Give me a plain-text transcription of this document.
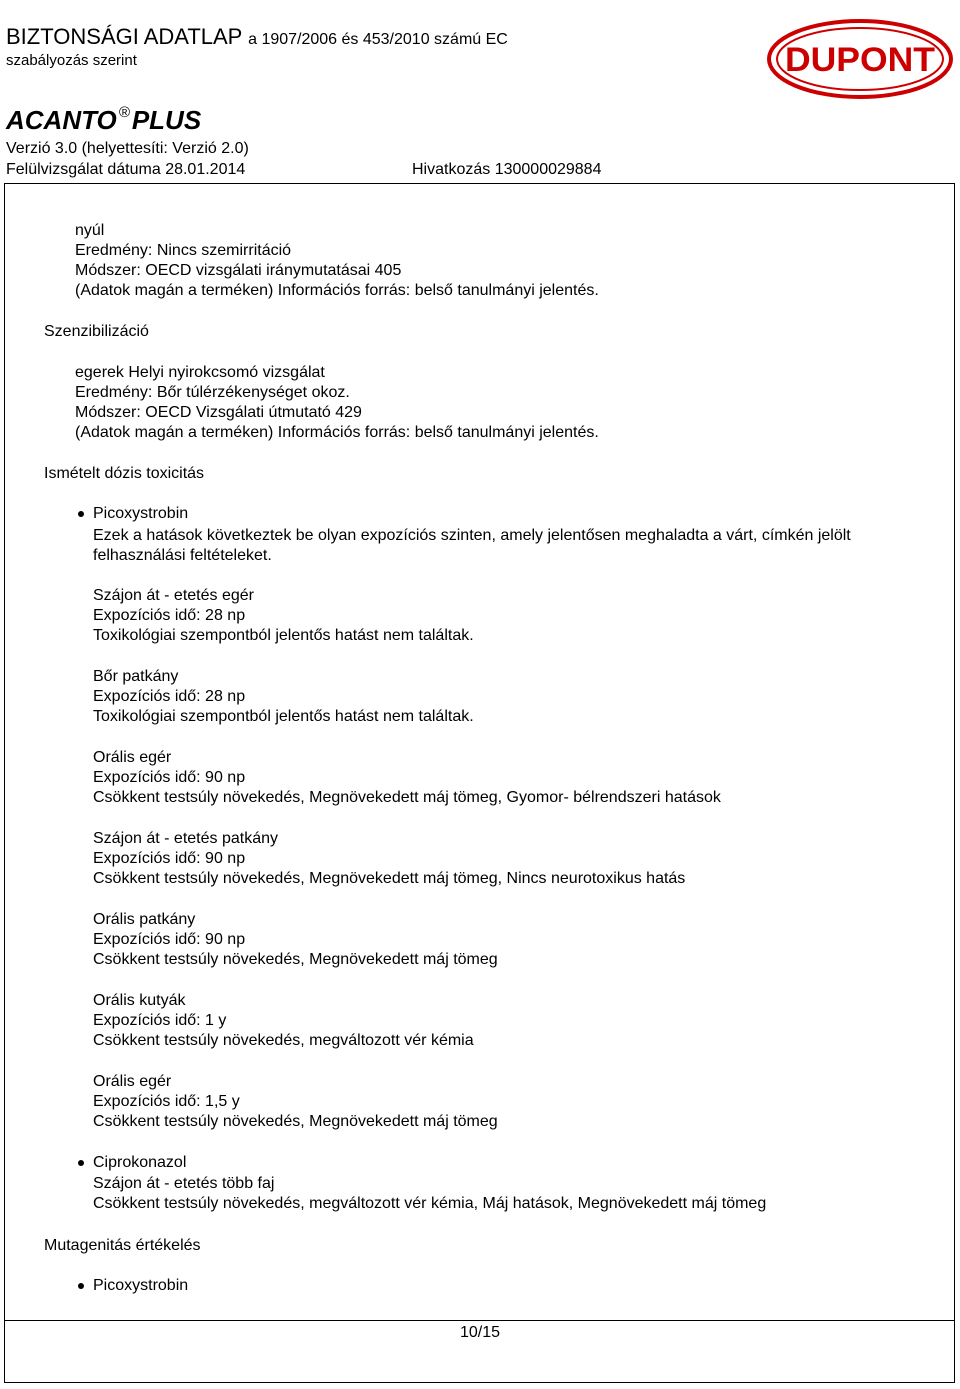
BIZTONSÁGI ADATLAP a 1907/2006 és 453/2010 számú EC
szabályozás szerint
ACANTO ®PLUS
Verzió 3.0 (helyettesíti: Verzió 2.0)
Felülvizsgálat dátuma 28.01.2014	Hivatkozás 130000029884
DUPONT
nyúl
Eredmény: Nincs szemirritáció
Módszer: OECD vizsgálati iránymutatásai 405
(Adatok magán a terméken) Információs forrás: belső tanulmányi jelentés.
Szenzibilizáció
egerek Helyi nyirokcsomó vizsgálat
Eredmény: Bőr túlérzékenységet okoz.
Módszer: OECD Vizsgálati útmutató 429
(Adatok magán a terméken) Információs forrás: belső tanulmányi jelentés.
Ismételt dózis toxicitás
Picoxystrobin
Ezek a hatások következtek be olyan expozíciós szinten, amely jelentősen meghaladta a várt, címkén jelölt
felhasználási feltételeket.
Szájon át - etetés egér
Expozíciós idő: 28 np
Toxikológiai szempontból jelentős hatást nem találtak.
Bőr patkány
Expozíciós idő: 28 np
Toxikológiai szempontból jelentős hatást nem találtak.
Orális egér
Expozíciós idő: 90 np
Csökkent testsúly növekedés, Megnövekedett máj tömeg, Gyomor- bélrendszeri hatások
Szájon át - etetés patkány
Expozíciós idő: 90 np
Csökkent testsúly növekedés, Megnövekedett máj tömeg, Nincs neurotoxikus hatás
Orális patkány
Expozíciós idő: 90 np
Csökkent testsúly növekedés, Megnövekedett máj tömeg
Orális kutyák
Expozíciós idő: 1 y
Csökkent testsúly növekedés, megváltozott vér kémia
Orális egér
Expozíciós idő: 1,5 y
Csökkent testsúly növekedés, Megnövekedett máj tömeg
Ciprokonazol
Szájon át - etetés több faj
Csökkent testsúly növekedés, megváltozott vér kémia, Máj hatások, Megnövekedett máj tömeg
Mutagenitás értékelés
Picoxystrobin
10/15
